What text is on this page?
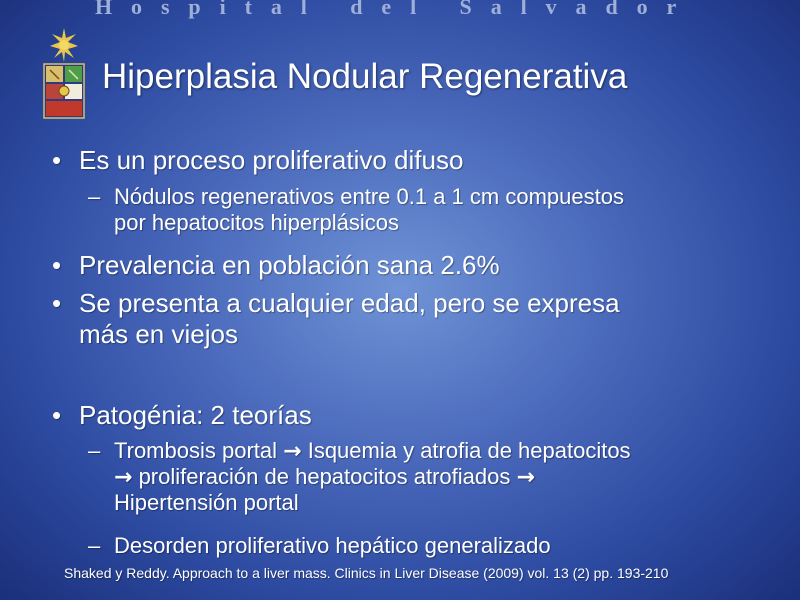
Hospital del Salvador
Hiperplasia Nodular Regenerativa
• Es un proceso proliferativo difuso
– Nódulos regenerativos entre 0.1 a 1 cm compuestos
por hepatocitos hiperplásicos
• Prevalencia en población sana 2.6%
• Se presenta a cualquier edad, pero se expresa
más en viejos
• Patogénia: 2 teorías
– Trombosis portal → Isquemia y atrofia de hepatocitos
→ proliferación de hepatocitos atrofiados →
Hipertensión portal
– Desorden proliferativo hepático generalizado
Shaked y Reddy. Approach to a liver mass. Clinics in Liver Disease (2009) vol. 13 (2) pp. 193-210
